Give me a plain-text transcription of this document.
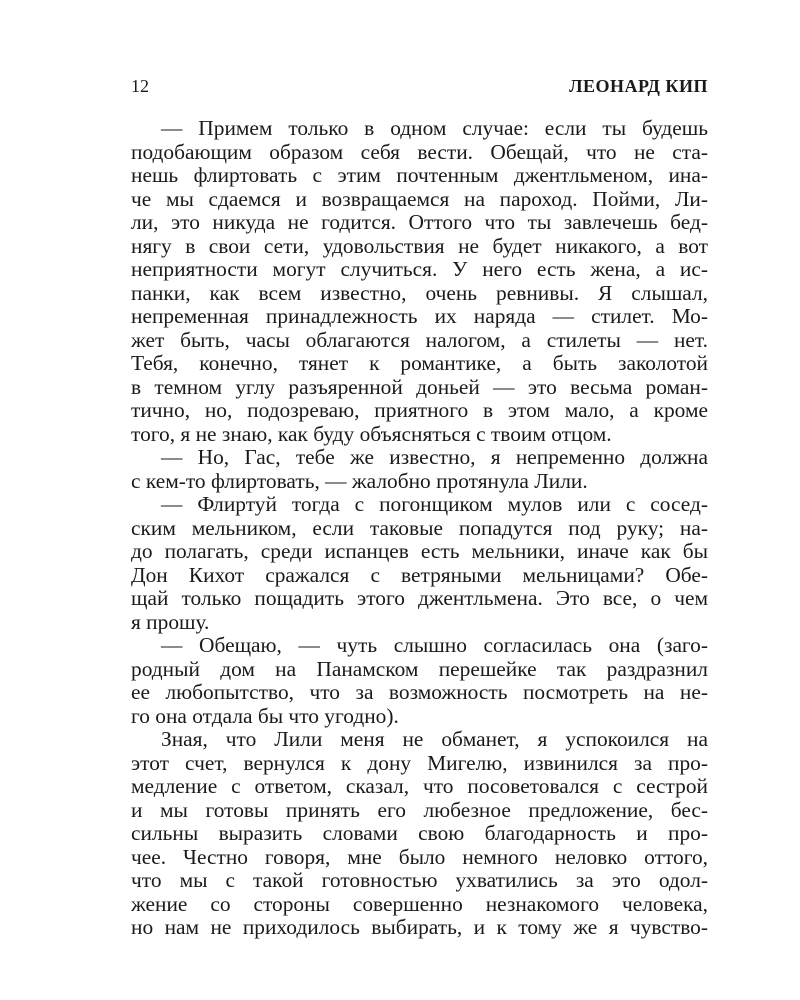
12	ЛЕОНАРД КИП
— Примем только в одном случае: если ты будешь
подобающим образом себя вести. Обещай, что не ста-
нешь флиртовать с этим почтенным джентльменом, ина-
че мы сдаемся и возвращаемся на пароход. Пойми, Ли-
ли, это никуда не годится. Оттого что ты завлечешь бед-
нягу в свои сети, удовольствия не будет никакого, а вот
неприятности могут случиться. У него есть жена, а ис-
панки, как всем известно, очень ревнивы. Я слышал,
непременная принадлежность их наряда — стилет. Мо-
жет быть, часы облагаются налогом, а стилеты — нет.
Тебя, конечно, тянет к романтике, а быть заколотой
в темном углу разъяренной доньей — это весьма роман-
тично, но, подозреваю, приятного в этом мало, а кроме
того, я не знаю, как буду объясняться с твоим отцом.
— Но, Гас, тебе же известно, я непременно должна
с кем-то флиртовать, — жалобно протянула Лили.
— Флиртуй тогда с погонщиком мулов или с сосед-
ским мельником, если таковые попадутся под руку; на-
до полагать, среди испанцев есть мельники, иначе как бы
Дон Кихот сражался с ветряными мельницами? Обе-
щай только пощадить этого джентльмена. Это все, о чем
я прошу.
— Обещаю, — чуть слышно согласилась она (заго-
родный дом на Панамском перешейке так раздразнил
ее любопытство, что за возможность посмотреть на не-
го она отдала бы что угодно).
Зная, что Лили меня не обманет, я успокоился на
этот счет, вернулся к дону Мигелю, извинился за про-
медление с ответом, сказал, что посоветовался с сестрой
и мы готовы принять его любезное предложение, бес-
сильны выразить словами свою благодарность и про-
чее. Честно говоря, мне было немного неловко оттого,
что мы с такой готовностью ухватились за это одол-
жение со стороны совершенно незнакомого человека,
но нам не приходилось выбирать, и к тому же я чувство-
